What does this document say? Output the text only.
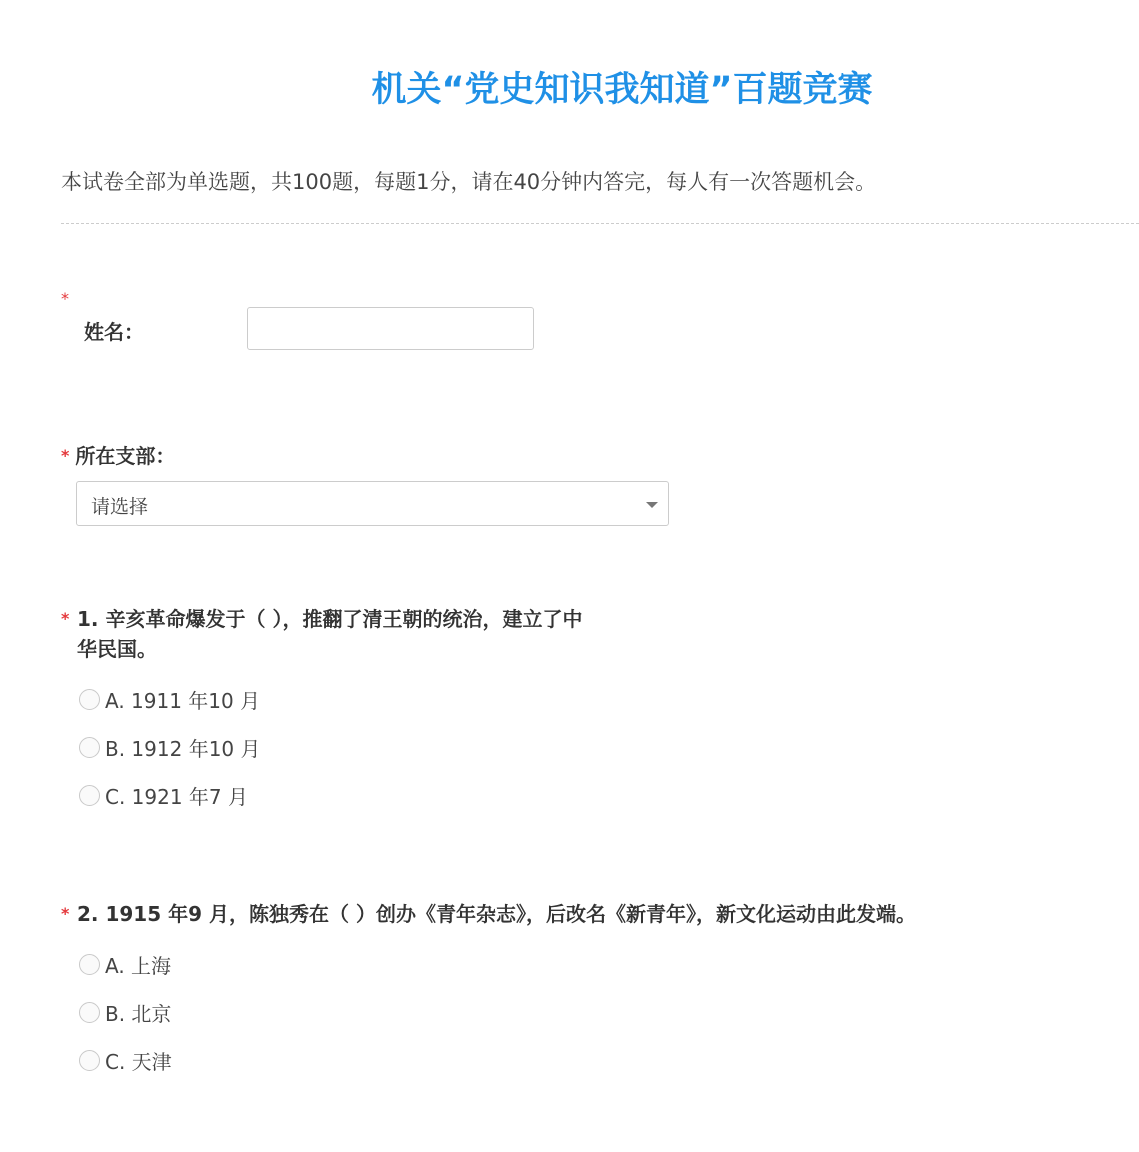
机关“党史知识我知道”百题竞赛
本试卷全部为单选题，共100题，每题1分，请在40分钟内答完，每人有一次答题机会。
*
姓名：
* 所在支部：
请选择
* 1. 辛亥革命爆发于（ ），推翻了清王朝的统治，建立了中
华民国。
A. 1911 年10 月
B. 1912 年10 月
C. 1921 年7 月
* 2. 1915 年9 月，陈独秀在（ ）创办《青年杂志》，后改名《新青年》，新文化运动由此发端。
A. 上海
B. 北京
C. 天津
